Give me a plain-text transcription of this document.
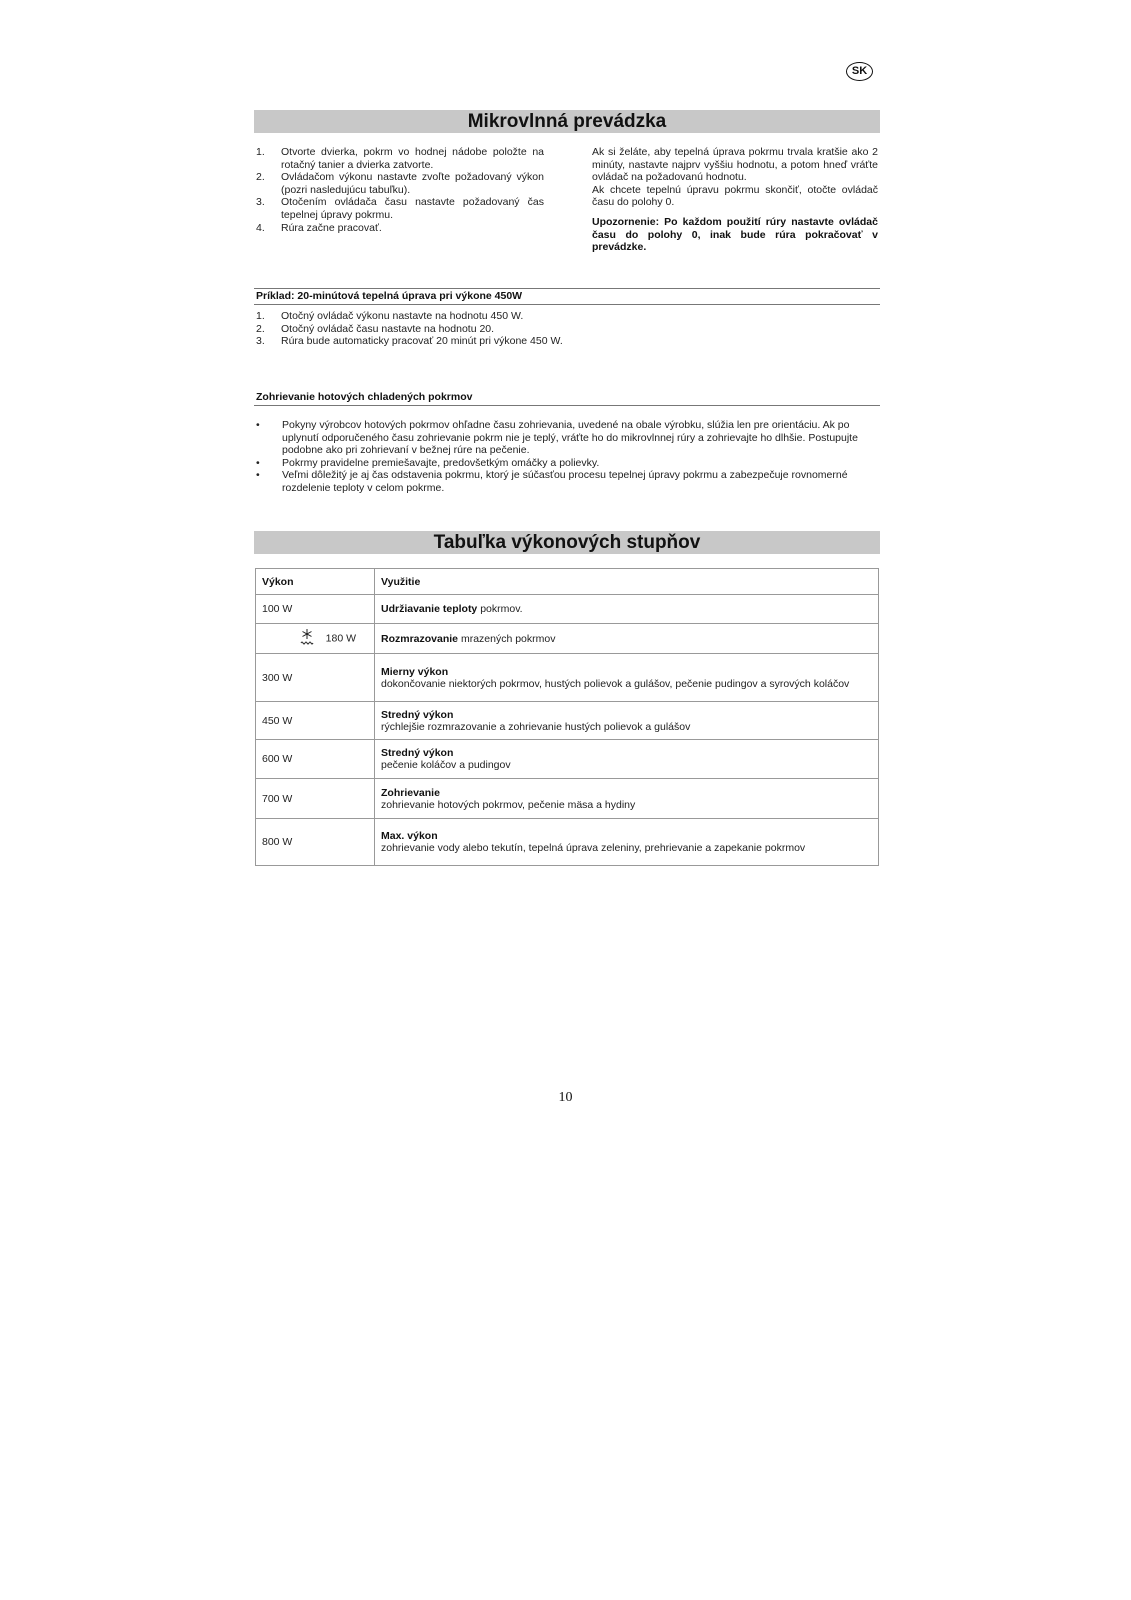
SK
Mikrovlnná prevádzka
1.	Otvorte dvierka, pokrm vo hodnej nádobe položte na rotačný tanier a dvierka zatvorte.
2.	Ovládačom výkonu nastavte zvoľte požadovaný výkon (pozri nasledujúcu tabuľku).
3.	Otočením ovládača času nastavte požadovaný čas tepelnej úpravy pokrmu.
4.	Rúra začne pracovať.
Ak si želáte, aby tepelná úprava pokrmu trvala kratšie ako 2 minúty, nastavte najprv vyššiu hodnotu, a potom hneď vráťte ovládač na požadovanú hodnotu.
Ak chcete tepelnú úpravu pokrmu skončiť, otočte ovládač času do polohy 0.
Upozornenie: Po každom použití rúry nastavte ovládač času do polohy 0, inak bude rúra pokračovať v prevádzke.
Príklad: 20-minútová tepelná úprava pri výkone 450W
1.	Otočný ovládač výkonu nastavte na hodnotu 450 W.
2.	Otočný ovládač času nastavte na hodnotu 20.
3.	Rúra bude automaticky pracovať 20 minút pri výkone 450 W.
Zohrievanie hotových chladených pokrmov
•	Pokyny výrobcov hotových pokrmov ohľadne času zohrievania, uvedené na obale výrobku, slúžia len pre orientáciu. Ak po uplynutí odporučeného času zohrievanie pokrm nie je teplý, vráťte ho do mikrovlnnej rúry a zohrievajte ho dlhšie. Postupujte podobne ako pri zohrievaní v bežnej rúre na pečenie.
•	Pokrmy pravidelne premiešavajte, predovšetkým omáčky a polievky.
•	Veľmi dôležitý je aj čas odstavenia pokrmu, ktorý je súčasťou procesu tepelnej úpravy pokrmu a zabezpečuje rovnomerné rozdelenie teploty v celom pokrme.
Tabuľka výkonových stupňov
Výkon	Využitie
100 W	Udržiavanie teploty pokrmov.
180 W	Rozmrazovanie mrazených pokrmov
300 W	Mierny výkon
dokončovanie niektorých pokrmov, hustých polievok a gulášov, pečenie pudingov a syrových koláčov

450 W	Stredný výkon
rýchlejšie rozmrazovanie a zohrievanie hustých polievok a gulášov

600 W	Stredný výkon
pečenie koláčov a pudingov

700 W	Zohrievanie
zohrievanie hotových pokrmov, pečenie mäsa a hydiny

800 W	Max. výkon
zohrievanie vody alebo tekutín, tepelná úprava zeleniny, prehrievanie a zapekanie pokrmov
10
